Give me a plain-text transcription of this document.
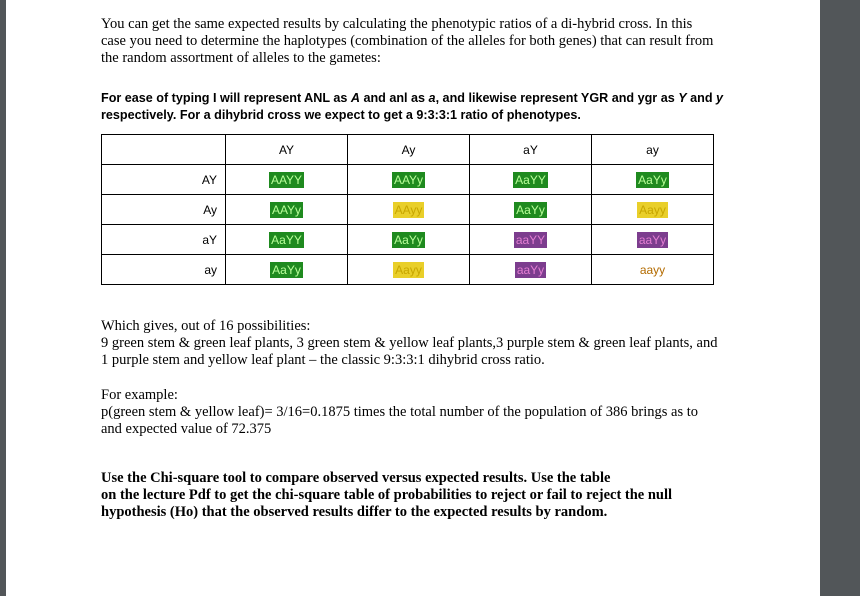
You can get the same expected results by calculating the phenotypic ratios of a di-hybrid cross. In this
case you need to determine the haplotypes (combination of the alleles for both genes) that can result from
the random assortment of alleles to the gametes:
For ease of typing I will represent ANL as A and anl as a, and likewise represent YGR and ygr as Y and y
respectively. For a dihybrid cross we expect to get a 9:3:3:1 ratio of phenotypes.
	AY	Ay	aY	ay
AY	AAYY	AAYy	AaYY	AaYy
Ay	AAYy	AAyy	AaYy	Aayy
aY	AaYY	AaYy	aaYY	aaYy
ay	AaYy	Aayy	aaYy	aayy
Which gives, out of 16 possibilities:
9 green stem & green leaf plants, 3 green stem & yellow leaf plants,3 purple stem & green leaf plants, and
1 purple stem and yellow leaf plant – the classic 9:3:3:1 dihybrid cross ratio.
For example:
p(green stem & yellow leaf)= 3/16=0.1875 times the total number of the population of 386 brings as to
and expected value of 72.375
Use the Chi-square tool to compare observed versus expected results. Use the table
on the lecture Pdf to get the chi-square table of probabilities to reject or fail to reject the null
hypothesis (Ho) that the observed results differ to the expected results by random.
